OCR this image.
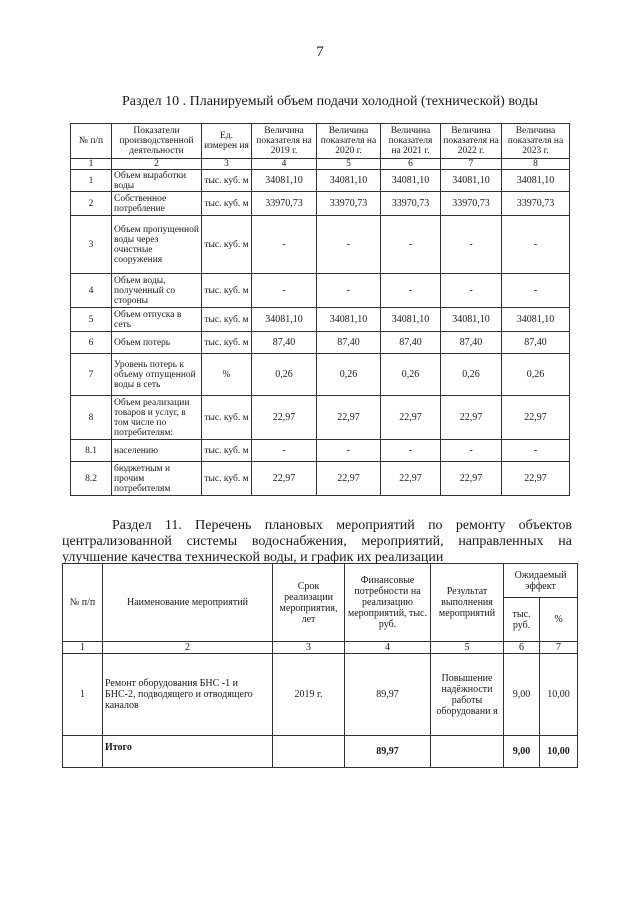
7
Раздел 10 . Планируемый объем подачи холодной (технической) воды
№ п/п	Показатели производственной деятельности	Ед. измерен ия	Величина показателя на 2019 г.	Величина показателя на 2020 г.	Величина показателя на 2021 г.	Величина показателя на 2022 г.	Величина показателя на 2023 г.
1	2	3	4	5	6	7	8
1	Объем выработки воды	тыс. куб. м	34081,10	34081,10	34081,10	34081,10	34081,10
2	Собственное потребление	тыс. куб. м	33970,73	33970,73	33970,73	33970,73	33970,73
3	Объем пропущенной воды через очистные сооружения	тыс. куб. м	-	-	-	-	-
4	Объем воды, полученный со стороны	тыс. куб. м	-	-	-	-	-
5	Объем отпуска в сеть	тыс. куб. м	34081,10	34081,10	34081,10	34081,10	34081,10
6	Объем потерь	тыс. куб. м	87,40	87,40	87,40	87,40	87,40
7	Уровень потерь к объему отпущенной воды в сеть	%	0,26	0,26	0,26	0,26	0,26
8	Объем реализации товаров и услуг, в том числе по потребителям:	тыс. куб. м	22,97	22,97	22,97	22,97	22,97
8.1	населению	тыс. куб. м	-	-	-	-	-
8.2	бюджетным и прочим потребителям	тыс. куб. м	22,97	22,97	22,97	22,97	22,97
Раздел 11. Перечень плановых мероприятий по ремонту объектов централизованной системы водоснабжения, мероприятий, направленных на улучшение качества технической воды, и график их реализации
№ п/п	Наименование мероприятий	Срок реализации мероприятия, лет	Финансовые потребности на реализацию мероприятий, тыс. руб.	Результат выполнения мероприятий	Ожидаемый эффект	
					тыс. руб.	%
1	2	3	4	5	6	7
1	Ремонт оборудования БНС -1 и БНС-2, подводящего и отводящего каналов	2019 г.	89,97	Повышение надёжности работы оборудовани я	9,00	10,00
	Итого		89,97		9,00	10,00
